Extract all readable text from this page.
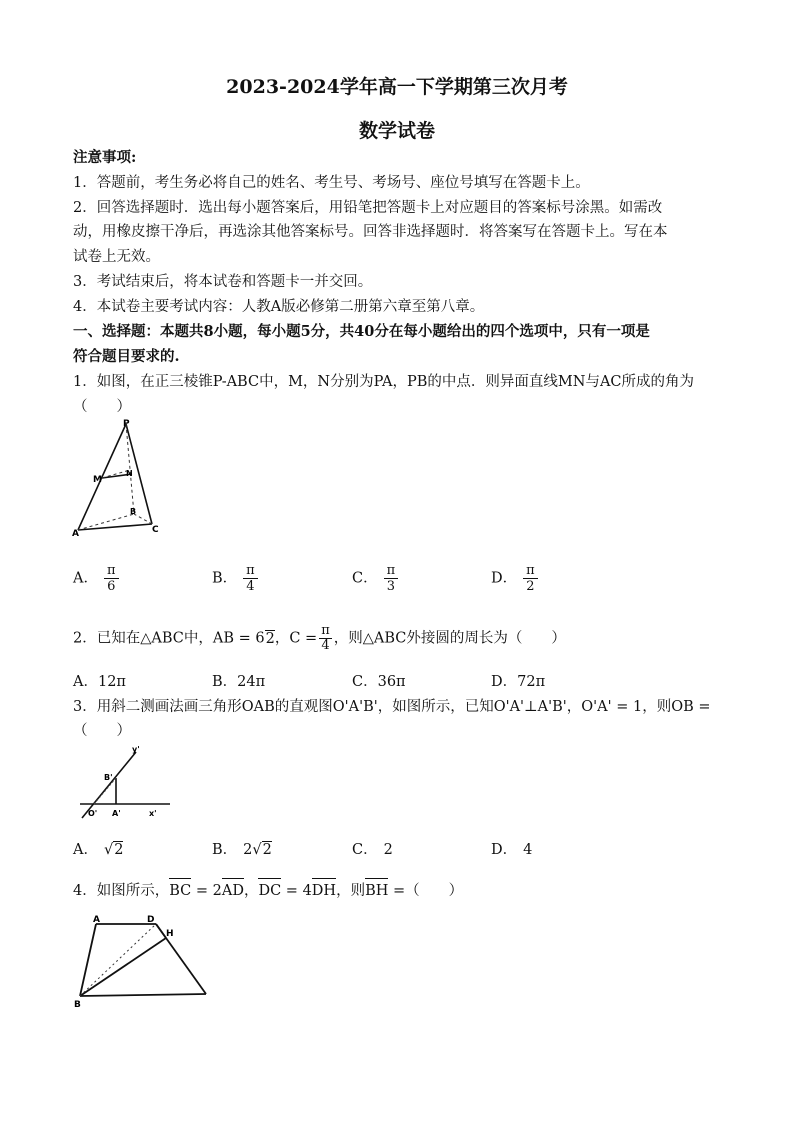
2023-2024学年高一下学期第三次月考
数学试卷
注意事项:
1．答题前，考生务必将自己的姓名、考生号、考场号、座位号填写在答题卡上。
2．回答选择题时．选出每小题答案后，用铅笔把答题卡上对应题目的答案标号涂黑。如需改
动，用橡皮擦干净后，再选涂其他答案标号。回答非选择题时．将答案写在答题卡上。写在本
试卷上无效。
3．考试结束后，将本试卷和答题卡一并交回。
4．本试卷主要考试内容：人教A版必修第二册第六章至第八章。
一、选择题：本题共8小题，每小题5分，共40分在每小题给出的四个选项中，只有一项是
符合题目要求的.
1．如图，在正三棱锥P-ABC中，M，N分别为PA，PB的中点．则异面直线MN与AC所成的角为
（　　）
P
M
N
A
B
C
A． $\frac{\pi}{6}$	B． $\frac{\pi}{4}$	C． $\frac{\pi}{3}$	D． $\frac{\pi}{2}$
2．已知在△ABC中，AB = 62，$C = \frac{\pi}{4}$ ，则△ABC外接圆的周长为（　　）
A．12π	B．24π	C．36π	D．72π
3．用斜二测画法画三角形OAB的直观图O'A'B'，如图所示，已知O'A'⊥A'B'，O'A' = 1，则OB =
（　　）
y'
B'
O' A'	x'
A． √2	B． 2√2	C． 2	D． 4
4．如图所示，BC = 2AD，DC = 4DH，则BH =（　　）
A	D
H
B
